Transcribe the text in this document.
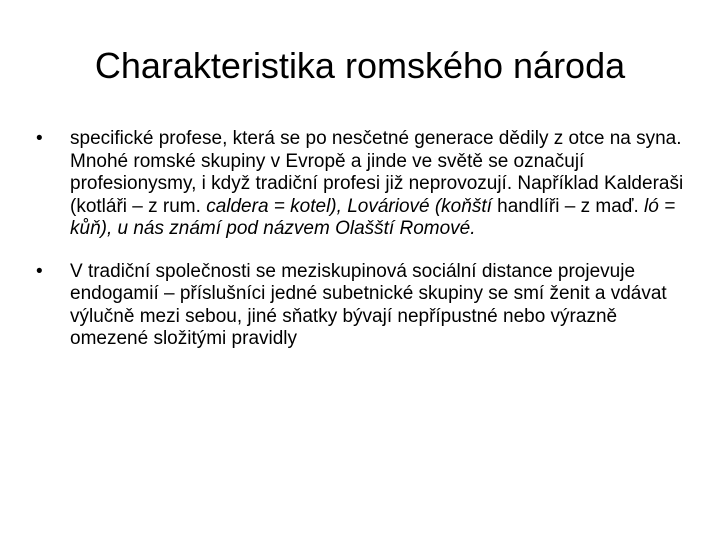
Charakteristika romského národa
•	specifické profese, která se po nesčetné generace dědily z otce na syna. Mnohé romské skupiny v Evropě a jinde ve světě se označují profesionysmy, i když tradiční profesi již neprovozují. Například Kalderaši (kotláři – z rum. caldera = kotel), Lováriové (koňští handlíři – z maď. ló = kůň), u nás známí pod názvem Olašští Romové.
•	V tradiční společnosti se meziskupinová sociální distance projevuje endogamií – příslušníci jedné subetnické skupiny se smí ženit a vdávat výlučně mezi sebou, jiné sňatky bývají nepřípustné nebo výrazně omezené složitými pravidly
